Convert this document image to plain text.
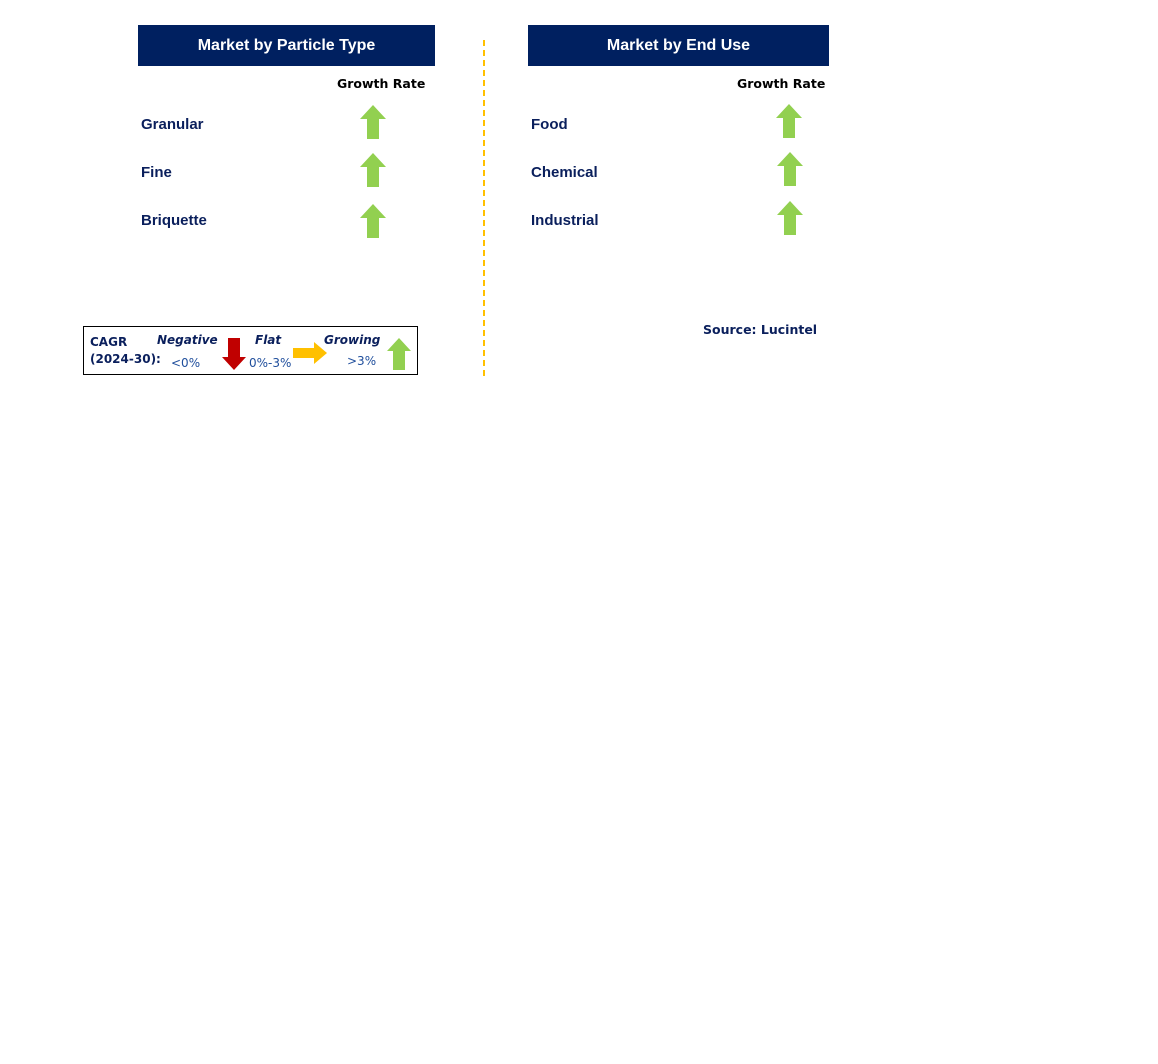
Market by Particle Type
Growth Rate
Granular
Fine
Briquette
Market by End Use
Growth Rate
Food
Chemical
Industrial
CAGR
(2024-30):
Negative
<0%
Flat
0%-3%
Growing
>3%
Source: Lucintel
